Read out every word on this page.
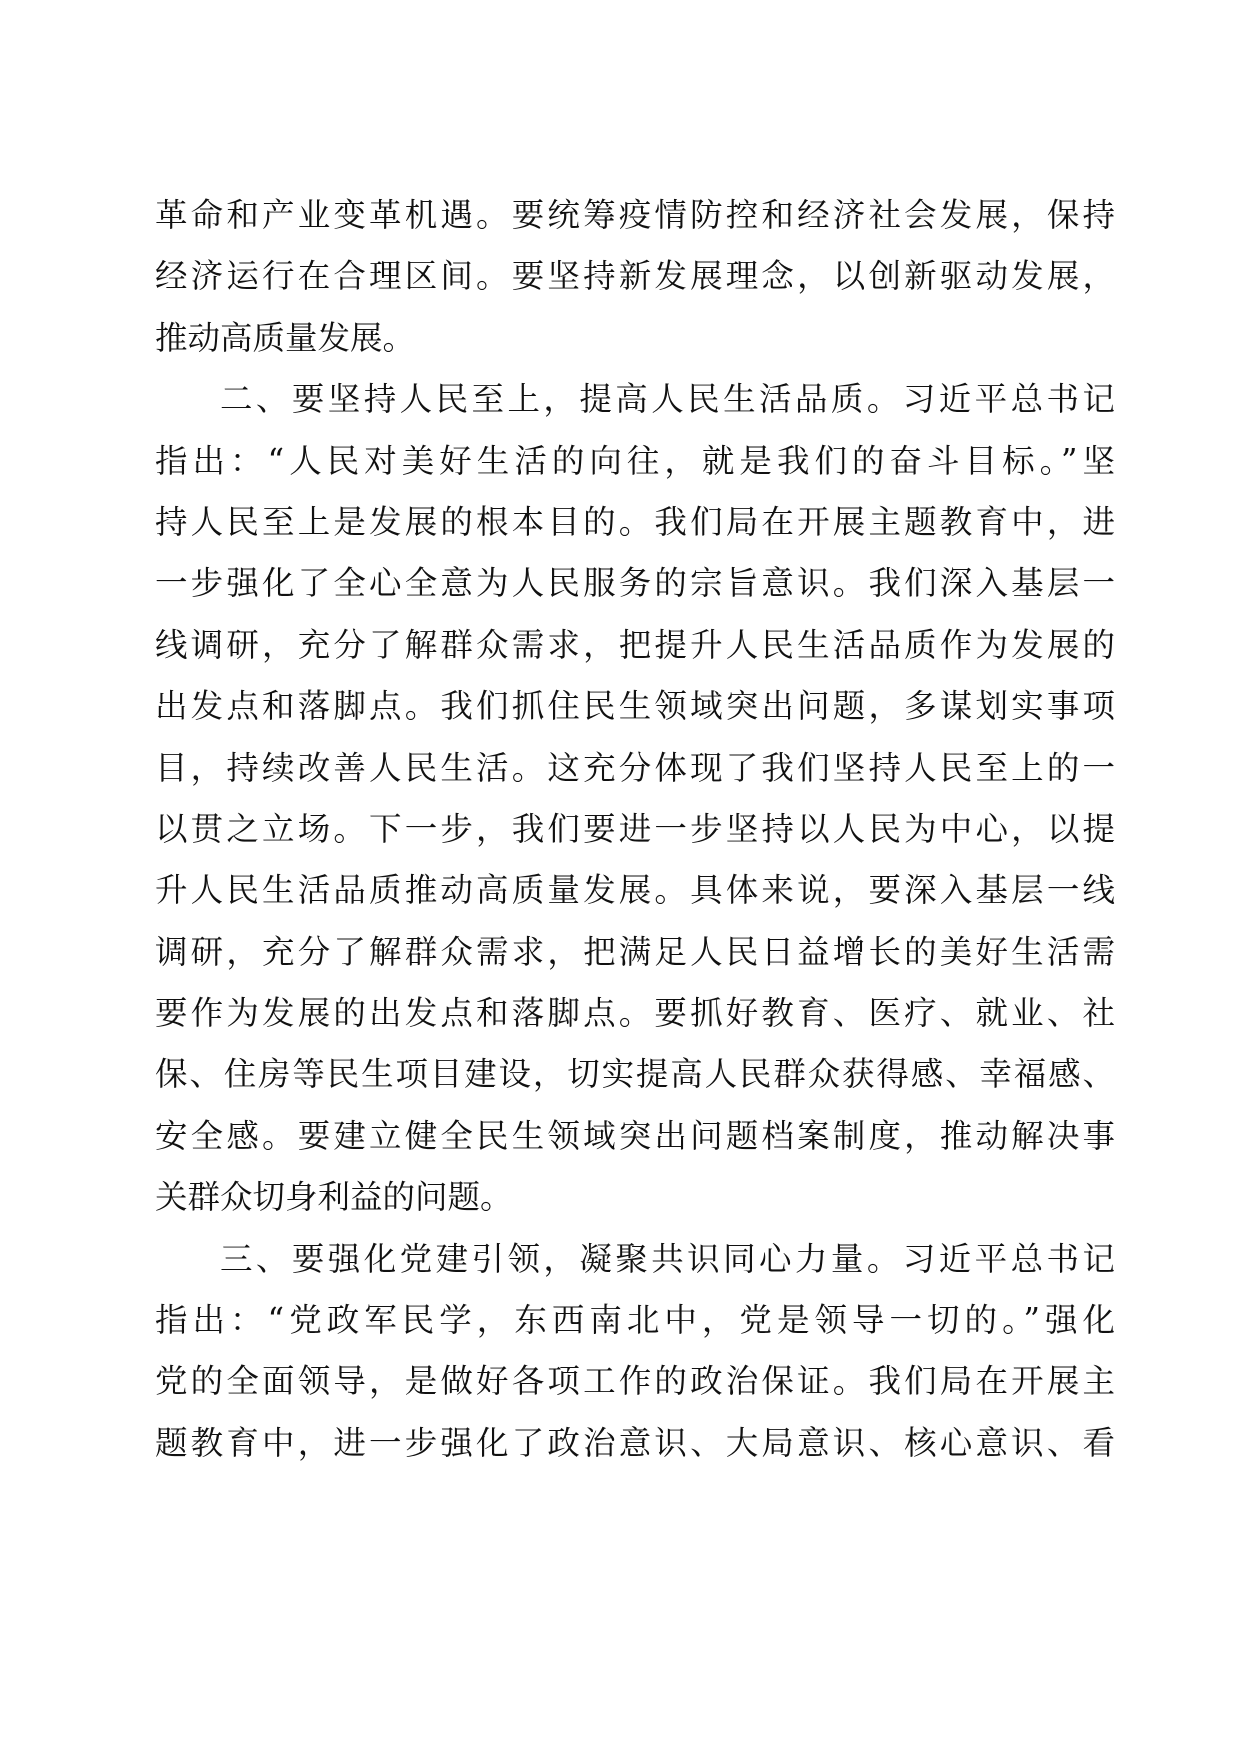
革命和产业变革机遇。要统筹疫情防控和经济社会发展，保持
经济运行在合理区间。要坚持新发展理念，以创新驱动发展，
推动高质量发展。
二、要坚持人民至上，提高人民生活品质。习近平总书记
指出：“人民对美好生活的向往，就是我们的奋斗目标。”坚
持人民至上是发展的根本目的。我们局在开展主题教育中，进
一步强化了全心全意为人民服务的宗旨意识。我们深入基层一
线调研，充分了解群众需求，把提升人民生活品质作为发展的
出发点和落脚点。我们抓住民生领域突出问题，多谋划实事项
目，持续改善人民生活。这充分体现了我们坚持人民至上的一
以贯之立场。下一步，我们要进一步坚持以人民为中心，以提
升人民生活品质推动高质量发展。具体来说，要深入基层一线
调研，充分了解群众需求，把满足人民日益增长的美好生活需
要作为发展的出发点和落脚点。要抓好教育、医疗、就业、社
保、住房等民生项目建设，切实提高人民群众获得感、幸福感、
安全感。要建立健全民生领域突出问题档案制度，推动解决事
关群众切身利益的问题。
三、要强化党建引领，凝聚共识同心力量。习近平总书记
指出：“党政军民学，东西南北中，党是领导一切的。”强化
党的全面领导，是做好各项工作的政治保证。我们局在开展主
题教育中，进一步强化了政治意识、大局意识、核心意识、看
